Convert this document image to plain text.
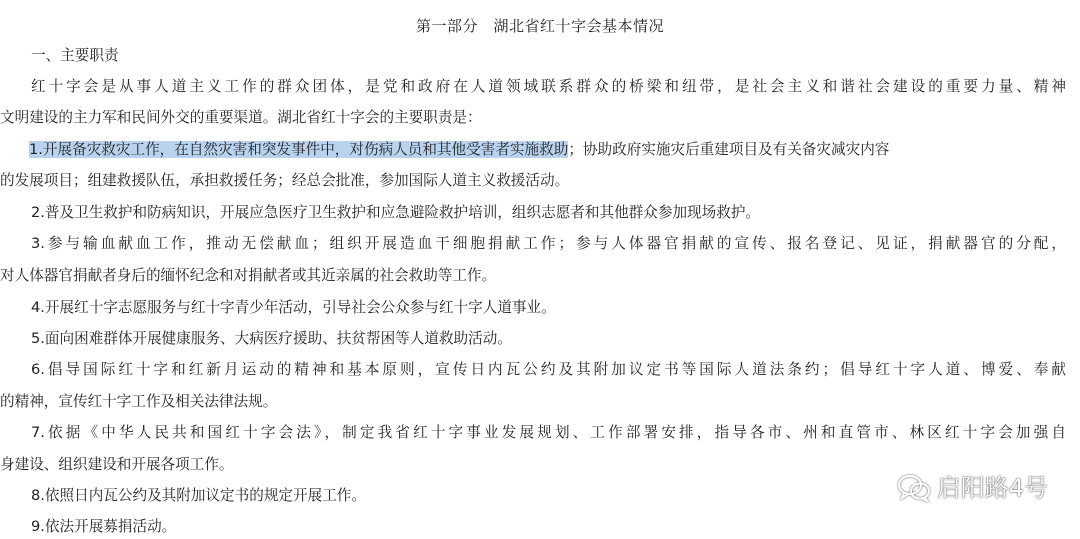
第一部分　湖北省红十字会基本情况
一、主要职责
红十字会是从事人道主义工作的群众团体，是党和政府在人道领域联系群众的桥梁和纽带，是社会主义和谐社会建设的重要力量、精神
文明建设的主力军和民间外交的重要渠道。湖北省红十字会的主要职责是：
1.开展备灾救灾工作，在自然灾害和突发事件中，对伤病人员和其他受害者实施救助；协助政府实施灾后重建项目及有关备灾减灾内容
的发展项目；组建救援队伍，承担救援任务；经总会批准，参加国际人道主义救援活动。
2.普及卫生救护和防病知识，开展应急医疗卫生救护和应急避险救护培训，组织志愿者和其他群众参加现场救护。
3.参与输血献血工作，推动无偿献血；组织开展造血干细胞捐献工作；参与人体器官捐献的宣传、报名登记、见证，捐献器官的分配，
对人体器官捐献者身后的缅怀纪念和对捐献者或其近亲属的社会救助等工作。
4.开展红十字志愿服务与红十字青少年活动，引导社会公众参与红十字人道事业。
5.面向困难群体开展健康服务、大病医疗援助、扶贫帮困等人道救助活动。
6.倡导国际红十字和红新月运动的精神和基本原则，宣传日内瓦公约及其附加议定书等国际人道法条约；倡导红十字人道、博爱、奉献
的精神，宣传红十字工作及相关法律法规。
7.依据《中华人民共和国红十字会法》，制定我省红十字事业发展规划、工作部署安排，指导各市、州和直管市、林区红十字会加强自
身建设、组织建设和开展各项工作。
8.依照日内瓦公约及其附加议定书的规定开展工作。
9.依法开展募捐活动。
启阳路4号
